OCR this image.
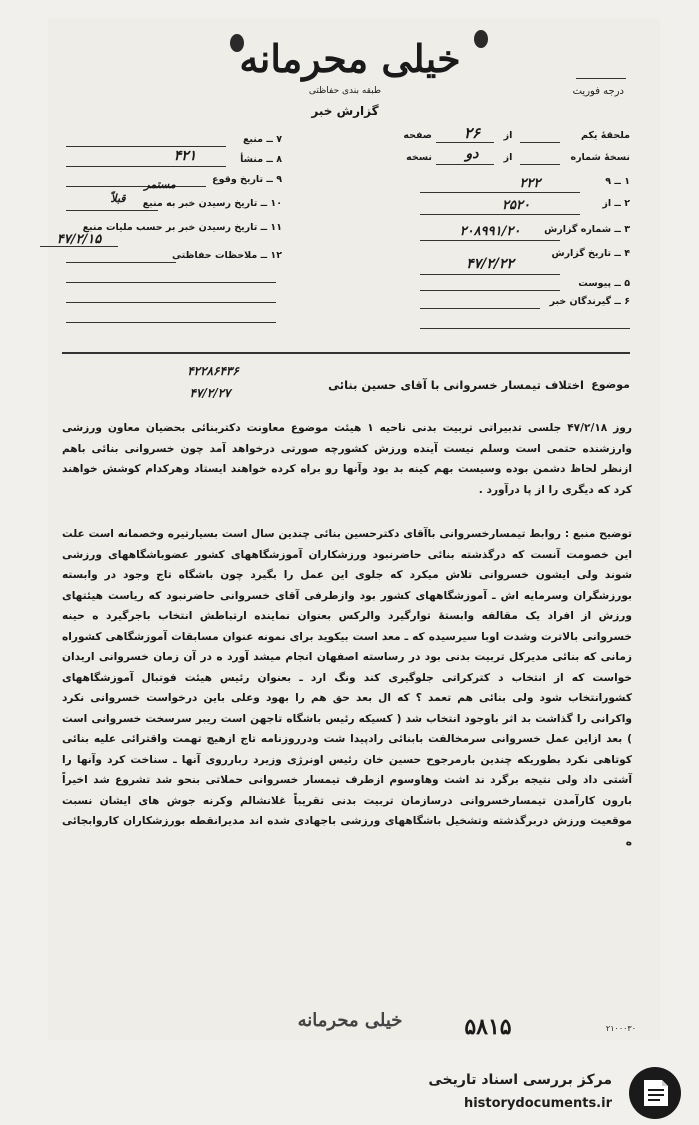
خیلی محرمانه
طبقه بندی حفاظتی
گزارش خبر
درجه فوریت
ملحقهٔ یکم
از
۲۶
صفحه
نسخهٔ شماره
از
دو
نسخه
۱ ــ ۹
۲۲۲
۲ ــ از
۲۵۲۰
۳ ــ شماره گزارش
۲۰۸۹۹۱/۲۰
۴ ــ تاریخ گزارش
۴۷/۲/۲۲
۵ ــ پیوست
۶ ــ گیرندگان خبر
۷ ــ منبع
۸ ــ منشأ
۴۲۱
۹ ــ تاریخ وقوع
مستمر
۱۰ ــ تاریخ رسیدن خبر به منبع
قبلاً
۱۱ ــ تاریخ رسیدن خبر بر حسب ملیات منبع
۴۷/۲/۱۵
۱۲ ــ ملاحظات حفاظتی
موضوع
اختلاف تیمسار خسروانی با آقای حسین بنائی
۴۲۲۸۶۴۳۶
۴۷/۲/۲۷

روز ۴۷/۲/۱۸ جلسی تدبیراتی تربیت بدنی ناحیه ۱ هیئت موضوع معاونت دکتربنائی بحضیان معاون ورزشی وارزشنده حتمی است وسلم نیست آینده ورزش کشورچه صورتی درخواهد آمد چون خسروانی بنائی باهم ازنظر لحاظ دشمن بوده وسیست بهم کینه بد بود وآنها رو براه کرده خواهند ایستاد وهرکدام کوشش خواهند کرد که دیگری را از پا درآورد .

توضیح منبع : روابط تیمسارخسروانی باآقای دکترحسین بنائی چندین سال است بسیارتیره وخصمانه است علت این خصومت آنست که درگذشته بنائی حاضرنبود ورزشکاران آموزشگاههای کشور عضوباشگاههای ورزشی شوند ولی ایشون خسروانی تلاش میکرد که جلوی این عمل را بگیرد چون باشگاه تاج وجود در وابسته بورزشگران وسرمایه اش ـ آموزشگاههای کشور بود وازطرفی آقای خسروانی حاضرنبود که ریاست هیئتهای ورزش از افراد یک مقالفه وابستهٔ توارگیرد والرکس بعنوان نماینده ارتباطش انتخاب باجرگیرد ه حینه خسروانی بالاترت وشدت اوبا سیرسیده که ـ معد است بیکوید برای نمونه عنوان مسابقات آموزشگاهی کشوراه زمانی که بنائی مدیرکل تربیت بدنی بود در رساسته اصفهان انجام میشد آورد ه در آن زمان خسروانی اریدان خواست که از انتخاب د کترکراتی جلوگیری کند ونگ ارد ـ بعنوان رئیس هیئت فوتبال آموزشگاههای کشورانتخاب شود ولی بنائی هم تعمد ؟ که ال بعد حق هم را بهود وعلی باین درخواست خسروانی نکرد واکرانی را گذاشت بد اثر باوجود انتخاب شد ( کسیکه رئیس باشگاه تاجهن است ریبر سرسخت خسروانی است ) بعد ازاین عمل خسروانی سرمخالفت بابنائی رادپیدا شت ودرروزنامه تاج ازهیچ تهمت واقترائی علیه بنائی کوتاهی نکرد بطوریکه چندین بارمرجوح حسین خان رئیس اونرژی وزیرد ربارروی آنها ـ سناخت کرد وآنها را آشتی داد ولی نتیجه برگرد ند اشت وهاوسوم ازطرف تیمسار خسروانی حملاتی بنحو شد تشروع شد اخیراً بارون کارآمدن تیمسارخسروانی درسازمان تربیت بدنی تقریباً غلانشالم وکرنه جوش های ایشان نسبت موقعیت ورزش دربرگذشته وتشخیل باشگاههای ورزشی باجهادی شده اند مدیرانقطه بورزشکاران کاروابجائی ه

خیلی محرمانه	۵۸۱۵	۲۱۰۰۰۳۰
مرکز بررسی اسناد تاریخی
historydocuments.ir
